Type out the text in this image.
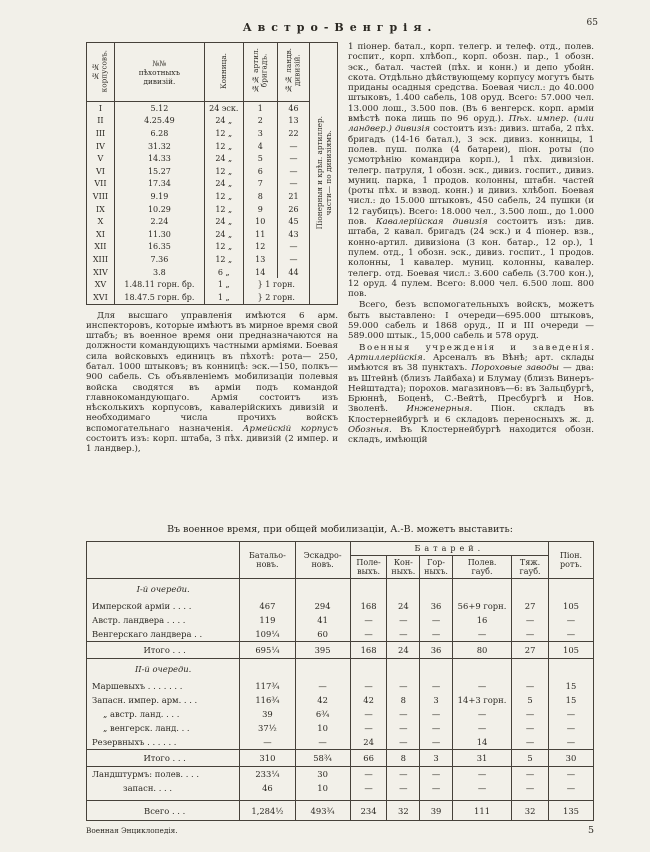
Австро-Венгрія.	65
№№
корпусовъ.	№№
пѣхотныхъ
дивизій.	Конница.	№№ артил.
бригадъ.	№№ ландв.
дивизій.	Піонерныя и крѣп. артиллер.
части— по дивизіямъ.
I	5.12	24 эск.	1	46	
II	4.25.49	24 „	2	13	
III	6.28	12 „	3	22	
IV	31.32	12 „	4	—	
V	14.33	24 „	5	—	
VI	15.27	12 „	6	—	
VII	17.34	24 „	7	—	
VIII	9.19	12 „	8	21	
IX	10.29	12 „	9	26	
X	2.24	24 „	10	45	
XI	11.30	24 „	11	43	
XII	16.35	12 „	12	—	
XIII	7.36	12 „	13	—	
XIV	3.8	6 „	14	44	
XV	1.48.11 горн. бр.	1 „	} 1 горн.		
XVI	18.47.5 горн. бр.	1 „	} 2 горн.		

Для высшаго управленія имѣются 6 арм. инспекторовъ, которые имѣютъ въ мирное время свой штабъ; въ военное время они предназначаются на должности командующихъ частными арміями. Боевая сила войсковыхъ единицъ въ пѣхотѣ: рота— 250, батал. 1000 штыковъ; въ конницѣ: эск.—150, полкъ—900 сабель. Съ объявленіемъ мобилизаціи полевыя войска сводятся въ арміи подъ командой главнокомандующаго. Армія состоитъ изъ нѣсколькихъ корпусовъ, кавалерійскихъ дивизій и необходимаго числа прочихъ войскъ вспомогательнаго назначенія. Армейскій корпусъ состоитъ изъ: корп. штаба, 3 пѣх. дивизій (2 импер. и 1 ландвер.),

1 піонер. батал., корп. телегр. и телеф. отд., полев. госпит., корп. хлѣбоп., корп. обозн. пар., 1 обозн. эск., батал. частей (пѣх. и конн.) и депо убойн. скота. Отдѣльно дѣйствующему корпусу могутъ быть приданы осадныя средства. Боевая числ.: до 40.000 штыковъ, 1.400 сабель, 108 оруд. Всего: 57.000 чел. 13.000 лош., 3.500 пов. (Въ 6 венгерск. корп. арміи вмѣстѣ пока лишь по 96 оруд.). Пѣх. импер. (или ландвер.) дивизія состоитъ изъ: дивиз. штаба, 2 пѣх. бригадъ (14-16 батал.), 3 эск. дивиз. конницы, 1 полев. пуш. полка (4 батареи), піон. роты (по усмотрѣнію командира корп.), 1 пѣх. дивизіон. телегр. патруля, 1 обозн. эск., дивиз. госпит., дивиз. муниц. парка, 1 продов. колонны, штабн. частей (роты пѣх. и взвод. конн.) и дивиз. хлѣбоп. Боевая числ.: до 15.000 штыковъ, 450 сабель, 24 пушки (и 12 гаубицъ). Всего: 18.000 чел., 3.500 лош., до 1.000 пов. Кавалерійская дивизія состоитъ изъ: див. штаба, 2 кавал. бригадъ (24 эск.) и 4 піонер. взв., конно-артил. дивизіона (3 кон. батар., 12 ор.), 1 пулем. отд., 1 обозн. эск., дивиз. госпит., 1 продов. колонны, 1 кавалер. муниц. колонны, кавалер. телегр. отд. Боевая числ.: 3.600 сабель (3.700 кон.), 12 оруд. 4 пулем. Всего: 8.000 чел. 6.500 лош. 800 пов.

Всего, безъ вспомогательныхъ войскъ, можетъ быть выставлено: I очереди—695.000 штыковъ, 59.000 сабель и 1868 оруд., II и III очереди — 589.000 штык., 15,000 сабель и 578 оруд.

Военныя учрежденія и заведенія. Артиллерійскія. Арсеналъ въ Вѣнѣ; арт. склады имѣются въ 38 пунктахъ. Пороховые заводы — два: въ Штейнѣ (близъ Лайбаха) и Блумау (близъ Винеръ-Нейштадта); порохов. магазиновъ—6: въ Зальцбургѣ, Брюннѣ, Боценѣ, С.-Вейтѣ, Пресбургѣ и Нов. Зволенѣ. Инженерныя. Піон. складъ въ Клостернейбургѣ и 6 складовъ переносныхъ ж. д. Обозныя. Въ Клостернейбургѣ находится обозн. складъ, имѣющій

Въ военное время, при общей мобилизаціи, А.-В. можетъ выставить:
	Батальо-
новъ.	Эскадро-
новъ.	Батарей.					Піон.
ротъ.
			Поле-
выхъ.	Кон-
ныхъ.	Гор-
ныхъ.	Полев.
гауб.	Тяж.
гауб.	
I-й очереди.								
Имперской арміи . . . .	467	294	168	24	36	56+9 горн.	27	105
Австр. ландвера . . . .	119	41	—	—	—	16	—	—
Венгерскаго ландвера . .	109¼	60	—	—	—	—	—	—
Итого . . .	695¼	395	168	24	36	80	27	105
II-й очереди.								
Маршевыхъ . . . . . . .	117¾	—	—	—	—	—	—	15
Запасн. импер. арм. . . .	116¾	42	42	8	3	14+3 горн.	5	15
„ австр. ланд. . . .	39	6¾	—	—	—	—	—	—
„ венгерск. ланд. . .	37½	10	—	—	—	—	—	—
Резервныхъ . . . . . .	—	—	24	—	—	14	—	—
Итого . . .	310	58¾	66	8	3	31	5	30
Ландштурмъ: полев. . . .	233¼	30	—	—	—	—	—	—
запасн. . . .	46	10	—	—	—	—	—	—

Всего . . .	1,284½	493¾	234	32	39	111	32	135
Военная Энциклопедія.	5
